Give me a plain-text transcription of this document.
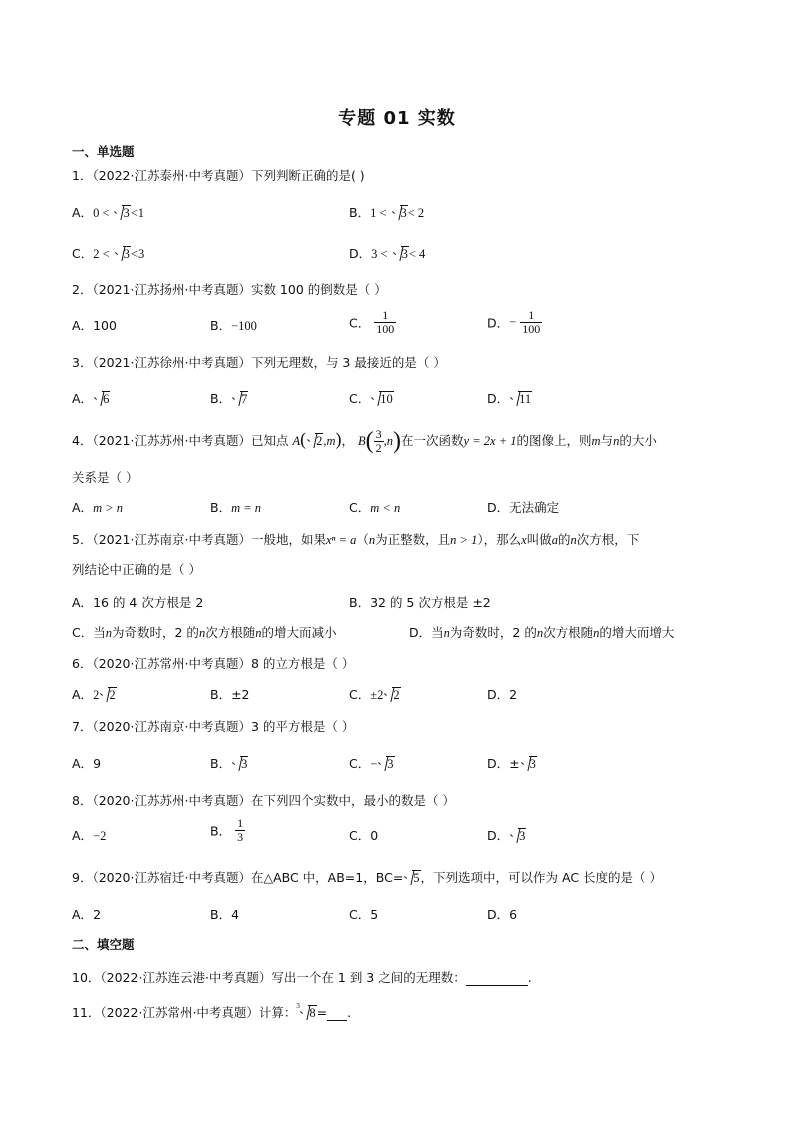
专题 01 实数
一、单选题
1．（2022·江苏泰州·中考真题）下列判断正确的是( )
A．0 < 3<1	B．1 < 3< 2
C．2 < 3<3	D．3 < 3< 4
2．（2021·江苏扬州·中考真题）实数 100 的倒数是（ ）
A．100	B．−100	C． $\frac{1}{100}$	D．− $\frac{1}{100}$
3．（2021·江苏徐州·中考真题）下列无理数，与 3 最接近的是（ ）
A． 6	B． 7	C． 10	D． 11
4．（2021·江苏苏州·中考真题）已知点 A( 2,m)， $B( \frac{3}{2} ,n)$在一次函数y = 2x + 1的图像上，则m与n的大小
关系是（ ）
A．m > n	B．m = n	C．m < n	D．无法确定
5．（2021·江苏南京·中考真题）一般地，如果xⁿ = a（n为正整数，且n > 1），那么x叫做a的n次方根，下
列结论中正确的是（ ）
A．16 的 4 次方根是 2	B．32 的 5 次方根是 ±2
C．当n为奇数时，2 的n次方根随n的增大而减小	D．当n为奇数时，2 的n次方根随n的增大而增大
6．（2020·江苏常州·中考真题）8 的立方根是（ ）
A．2 2	B．±2	C．±2 2	D．2
7．（2020·江苏南京·中考真题）3 的平方根是（ ）
A．9	B． 3	C．− 3	D．± 3
8．（2020·江苏苏州·中考真题）在下列四个实数中，最小的数是（ ）
A．−2	B． $\frac{1}{3}$	C．0	D． 3
9．（2020·江苏宿迁·中考真题）在△ABC 中，AB=1，BC= 5，下列选项中，可以作为 AC 长度的是（ ）
A．2	B．4	C．5	D．6
二、填空题
10．（2022·江苏连云港·中考真题）写出一个在 1 到 3 之间的无理数：	.
11．（2022·江苏常州·中考真题）计算： 3 8= .
